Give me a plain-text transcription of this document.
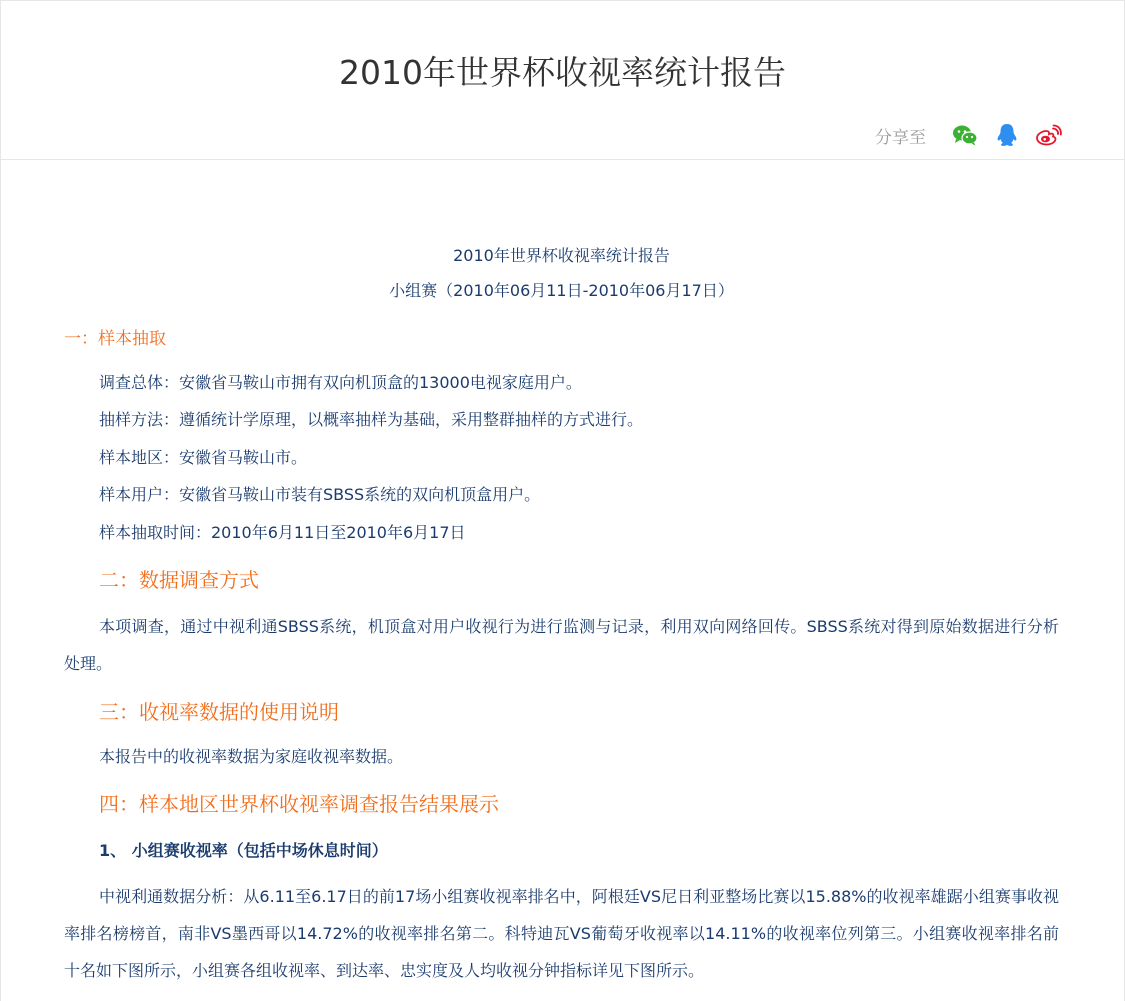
2010年世界杯收视率统计报告
分享至
2010年世界杯收视率统计报告
小组赛（2010年06月11日-2010年06月17日）
一：样本抽取
调查总体：安徽省马鞍山市拥有双向机顶盒的13000电视家庭用户。
抽样方法：遵循统计学原理，以概率抽样为基础，采用整群抽样的方式进行。
样本地区：安徽省马鞍山市。
样本用户：安徽省马鞍山市装有SBSS系统的双向机顶盒用户。
样本抽取时间：2010年6月11日至2010年6月17日
二：数据调查方式
本项调查，通过中视利通SBSS系统，机顶盒对用户收视行为进行监测与记录，利用双向网络回传。SBSS系统对得到原始数据进行分析处理。
三：收视率数据的使用说明
本报告中的收视率数据为家庭收视率数据。
四：样本地区世界杯收视率调查报告结果展示
1、 小组赛收视率（包括中场休息时间）
中视利通数据分析：从6.11至6.17日的前17场小组赛收视率排名中，阿根廷VS尼日利亚整场比赛以15.88%的收视率雄踞小组赛事收视率排名榜榜首，南非VS墨西哥以14.72%的收视率排名第二。科特迪瓦VS葡萄牙收视率以14.11%的收视率位列第三。小组赛收视率排名前十名如下图所示，小组赛各组收视率、到达率、忠实度及人均收视分钟指标详见下图所示。
